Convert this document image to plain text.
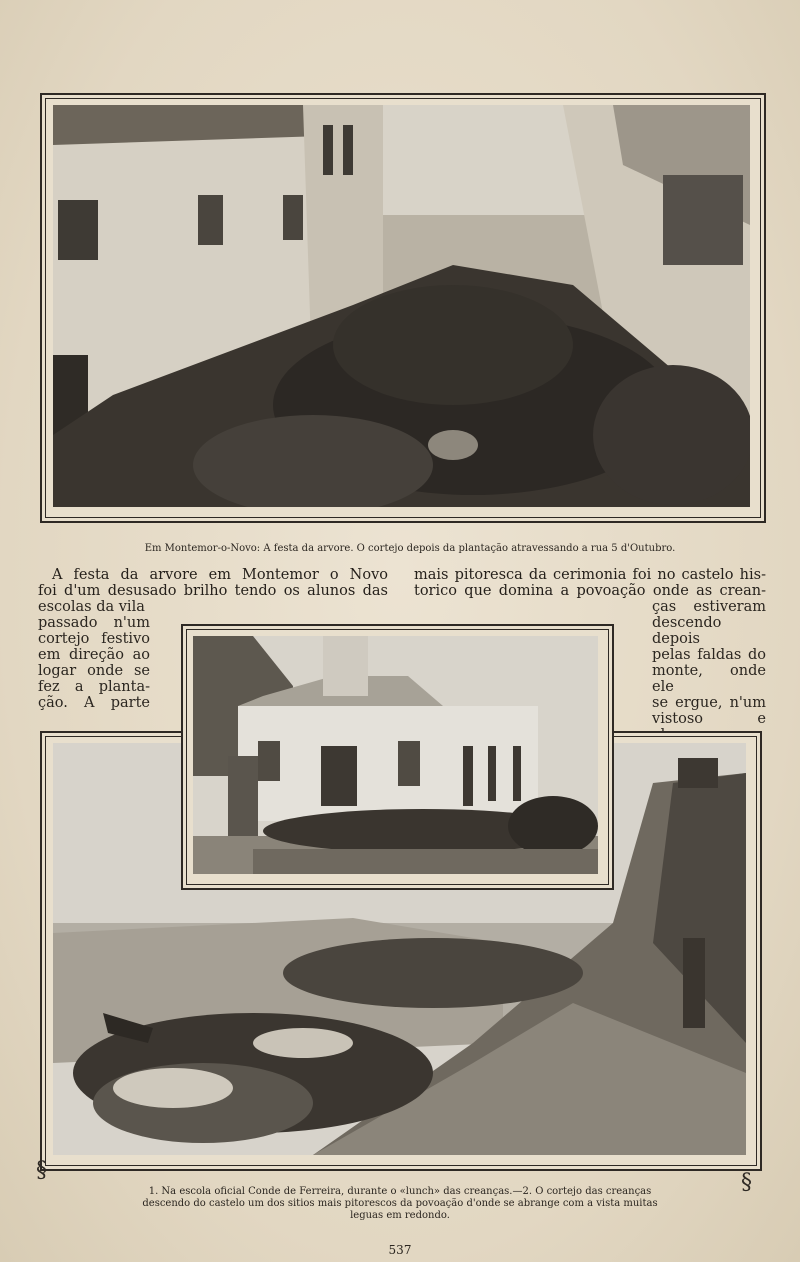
Em Montemor-o-Novo: A festa da arvore. O cortejo depois da plantação atravessando a rua 5 d'Outubro.
A festa da arvore em Montemor o Novo
foi d'um desusado brilho tendo os alunos das
escolas da vila
passado n'um
cortejo festivo
em direção ao
logar onde se
fez a planta-
ção. A parte
mais pitoresca da cerimonia foi no castelo his-
torico que domina a povoação onde as crean-
ças estiveram
descendo depois
pelas faldas do
monte, onde ele
se ergue, n'um
vistoso e
§	§
1. Na escola oficial Conde de Ferreira, durante o «lunch» das creanças.—2. O cortejo das creanças
descendo do castelo um dos sitios mais pitorescos da povoação d'onde se abrange com a vista muitas
leguas em redondo.
537
